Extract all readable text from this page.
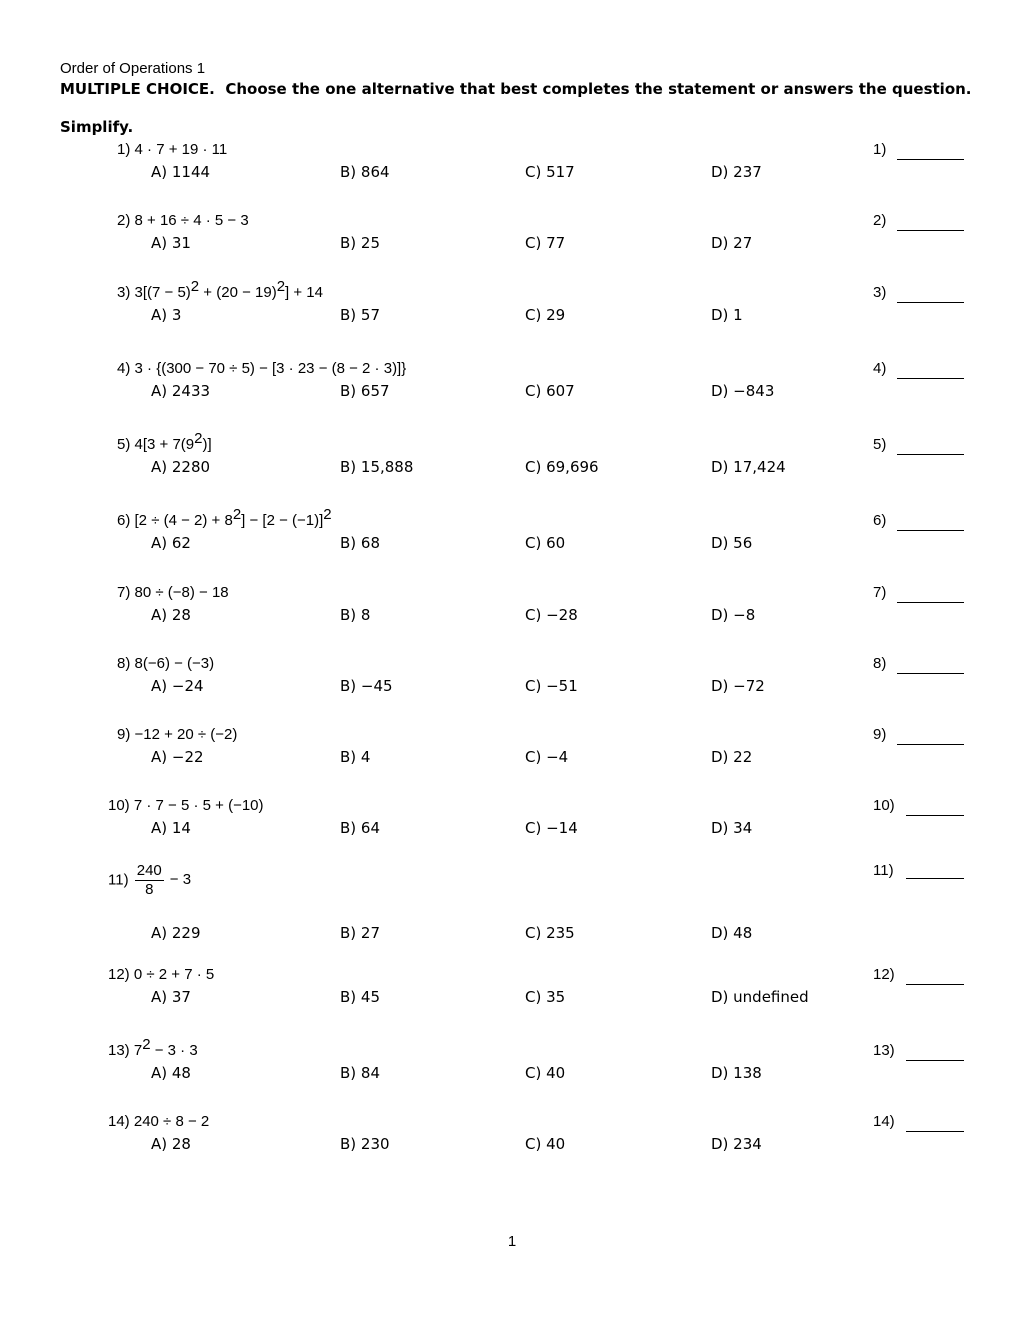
Order of Operations 1
MULTIPLE CHOICE. Choose the one alternative that best completes the statement or answers the question.
Simplify.
1) 4 · 7 + 19 · 11
A) 1144	B) 864	C) 517	D) 237
1)
2) 8 + 16 ÷ 4 · 5 − 3
A) 31	B) 25	C) 77	D) 27
2)
3) $3[(7 - 5)^2 + (20 - 19)^2] + 14$
A) 3	B) 57	C) 29	D) 1
3)
4) 3 · {(300 − 70 ÷ 5) − [3 · 23 − (8 − 2 · 3)]}
A) 2433	B) 657	C) 607	D) −843
4)
5) $4[3 + 7(9^2)]$
A) 2280	B) 15,888	C) 69,696	D) 17,424
5)
6) $[2 \div (4 - 2) + 8^2] - [2 - (-1)]^2$
A) 62	B) 68	C) 60	D) 56
6)
7) 80 ÷ (−8) − 18
A) 28	B) 8	C) −28	D) −8
7)
8) 8(−6) − (−3)
A) −24	B) −45	C) −51	D) −72
8)
9) −12 + 20 ÷ (−2)
A) −22	B) 4	C) −4	D) 22
9)
10) 7 · 7 − 5 · 5 + (−10)
A) 14	B) 64	C) −14	D) 34
10)
$11) \frac{240}{8} - 3$
A) 229	B) 27	C) 235	D) 48
11)
12) 0 ÷ 2 + 7 · 5
A) 37	B) 45	C) 35	D) undefined
12)
13) $7^2 - 3 \cdot 3$
A) 48	B) 84	C) 40	D) 138
13)
14) 240 ÷ 8 − 2
A) 28	B) 230	C) 40	D) 234
14)
1
